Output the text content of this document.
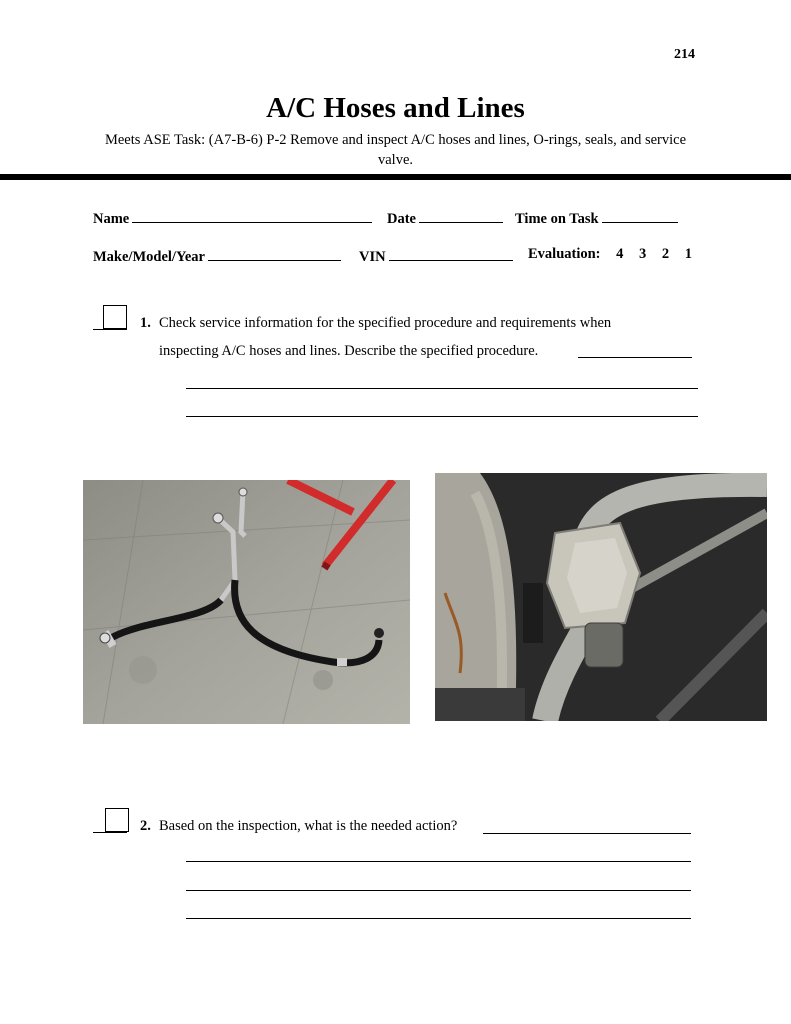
214
A/C Hoses and Lines
Meets ASE Task: (A7-B-6) P-2 Remove and inspect A/C hoses and lines, O-rings, seals, and service valve.
Name	Date	Time on Task
Make/Model/Year	VIN	Evaluation: 4 3 2 1
1. Check service information for the specified procedure and requirements when
inspecting A/C hoses and lines. Describe the specified procedure.
2. Based on the inspection, what is the needed action?
